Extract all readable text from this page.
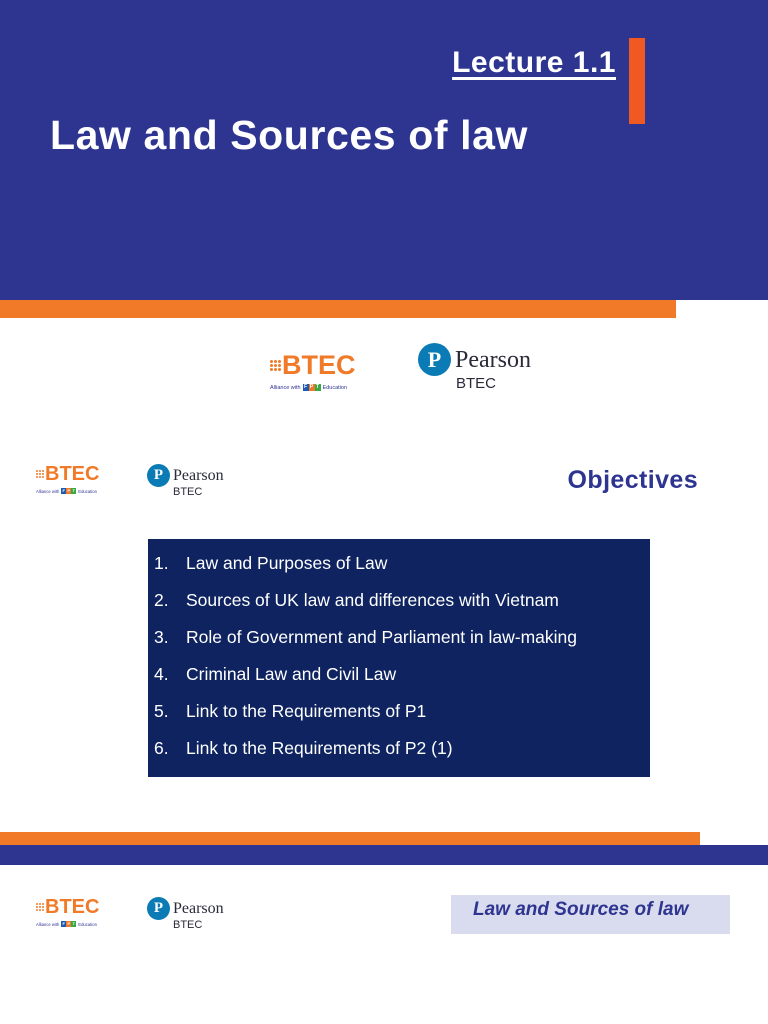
Lecture 1.1
Law and Sources of law
BTEC
Alliance with F P T Education
P Pearson
BTEC
BTEC
Alliance with F P T Education
P Pearson
BTEC	Objectives
1. Law and Purposes of Law
2. Sources of UK law and differences with Vietnam
3. Role of Government and Parliament in law-making
4. Criminal Law and Civil Law
5. Link to the Requirements of P1
6. Link to the Requirements of P2 (1)
BTEC
Alliance with F P T Education
P Pearson
BTEC
Law and Sources of law
